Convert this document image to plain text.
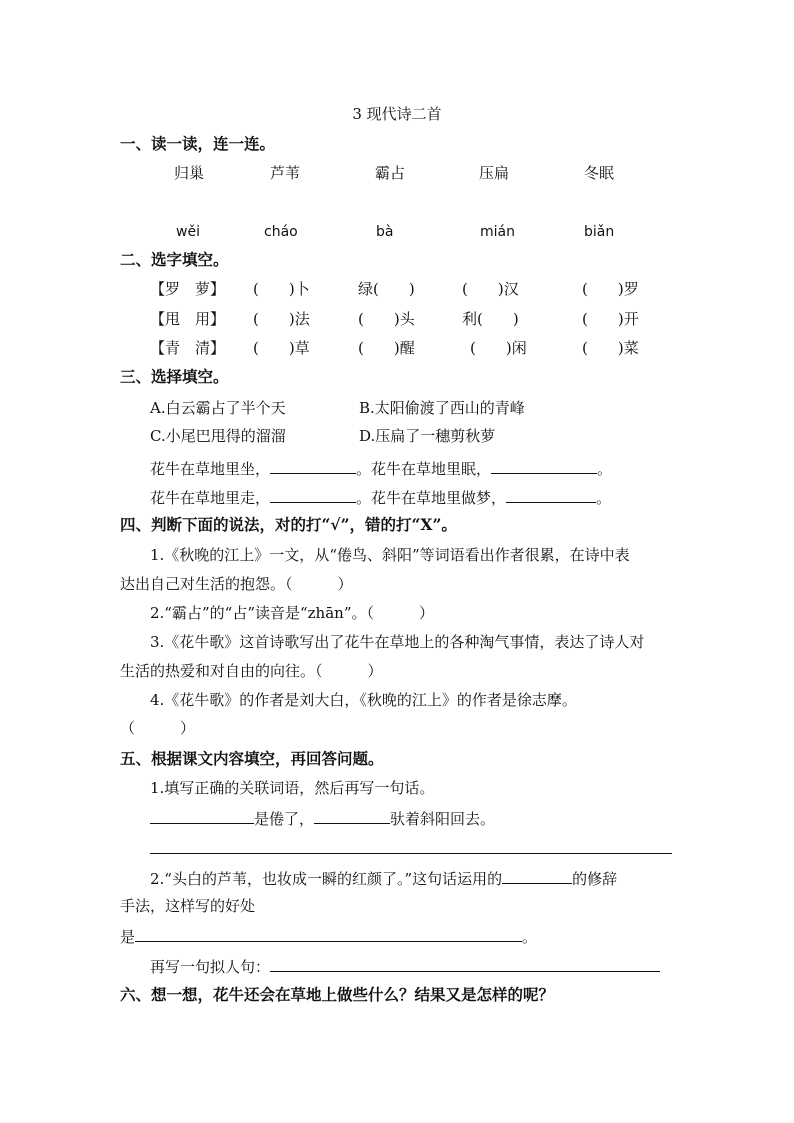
3 现代诗二首
一、读一读，连一连。
归巢	芦苇	霸占	压扁	冬眠
wěi	cháo	bà	mián	biǎn
二、选字填空。
【罗　萝】 (　　)卜	绿(　　)	(　　)汉	(　　)罗
【甩　用】 (　　)法	(　　)头	利(　　)	(　　)开
【青　清】 (　　)草	(　　)醒	(　　)闲	(　　)菜
三、选择填空。
A.白云霸占了半个天	B.太阳偷渡了西山的青峰
C.小尾巴甩得的溜溜	D.压扁了一穗剪秋萝
花牛在草地里坐，	。花牛在草地里眠，	。
花牛在草地里走，	。花牛在草地里做梦，	。
四、判断下面的说法，对的打“√”，错的打“X”。
1.《秋晚的江上》一文，从“倦鸟、斜阳”等词语看出作者很累，在诗中表
达出自己对生活的抱怨。（　　　）
2.“霸占”的“占”读音是“zhān”。（　　　）
3.《花牛歌》这首诗歌写出了花牛在草地上的各种淘气事情，表达了诗人对
生活的热爱和对自由的向往。（　　　）
4.《花牛歌》的作者是刘大白，《秋晚的江上》的作者是徐志摩。
（　　　）
五、根据课文内容填空，再回答问题。
1.填写正确的关联词语，然后再写一句话。
是倦了，	驮着斜阳回去。
2.“头白的芦苇，也妆成一瞬的红颜了。”这句话运用的	的修辞
手法，这样写的好处
是	。
再写一句拟人句：
六、想一想，花牛还会在草地上做些什么？结果又是怎样的呢？
